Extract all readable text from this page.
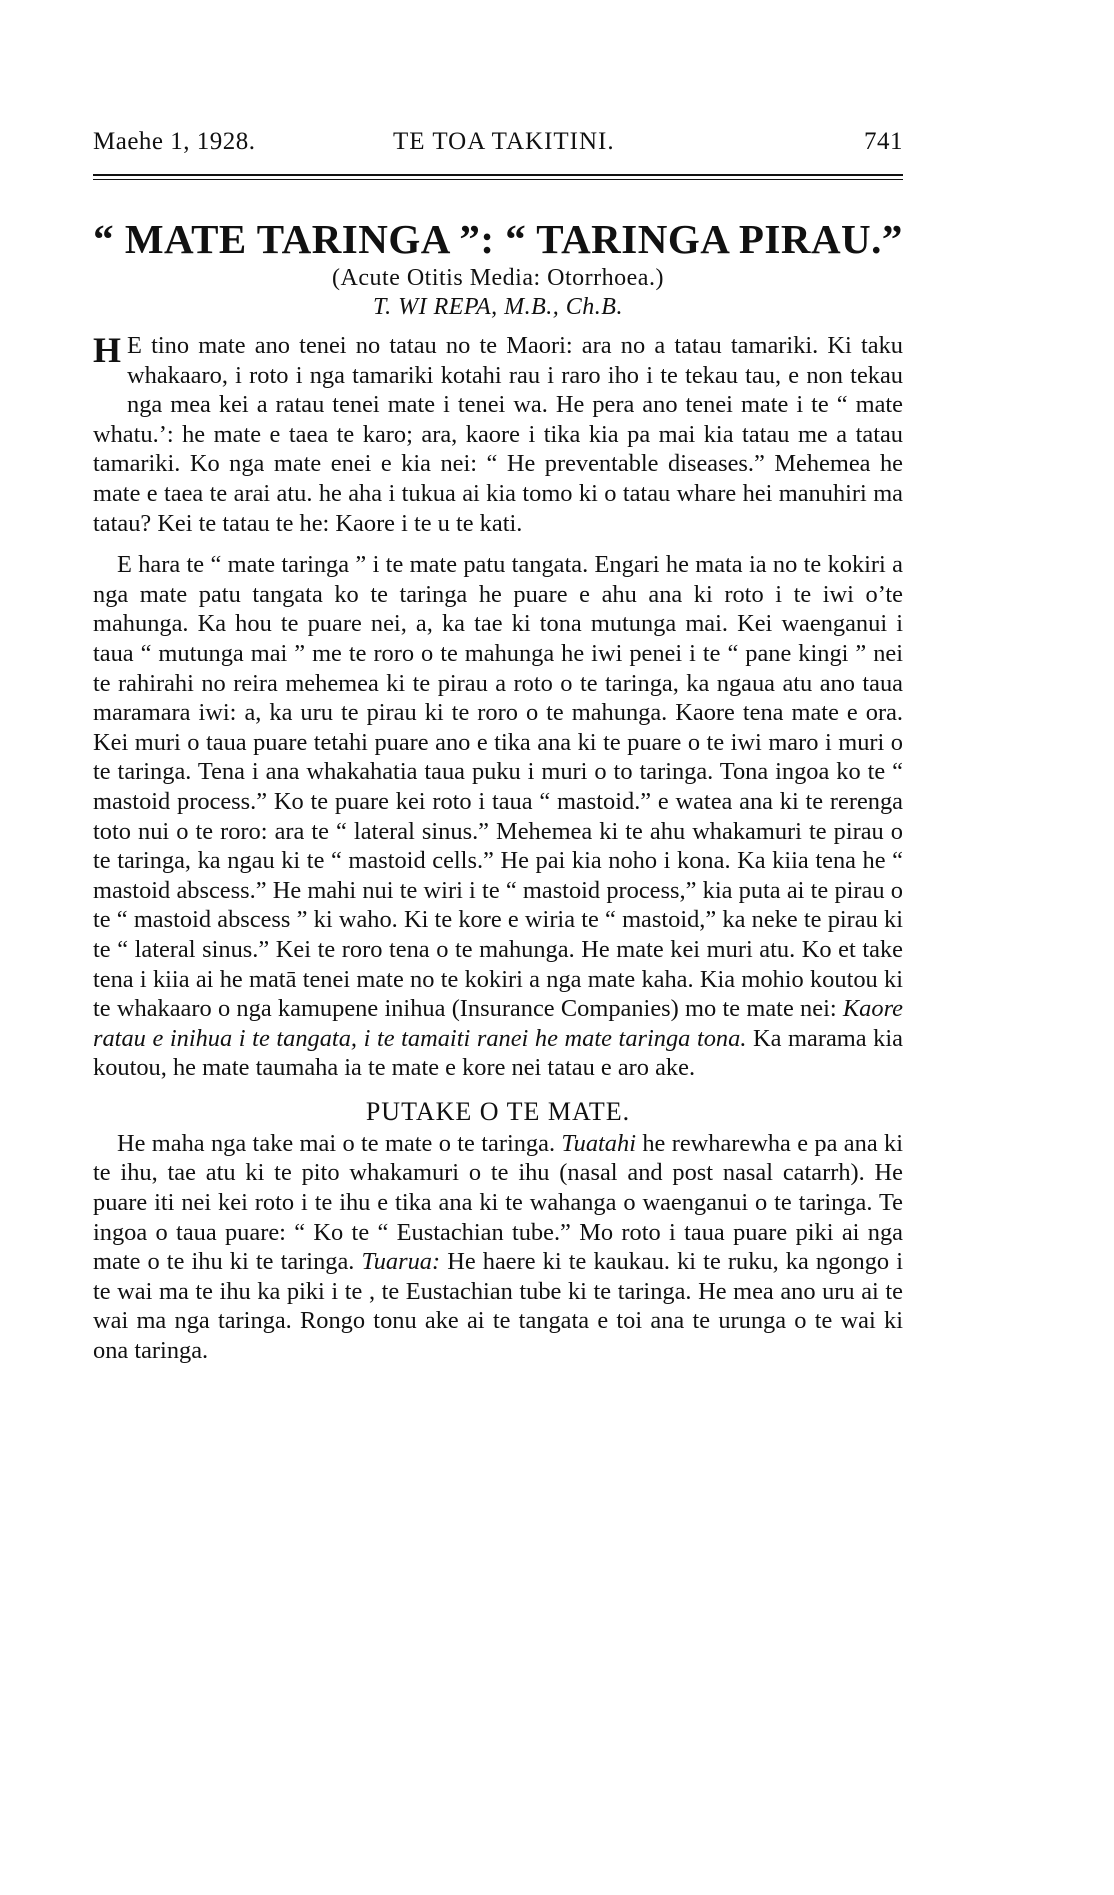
Maehe 1, 1928.	TE TOA TAKITINI.	741
“ MATE TARINGA ”: “ TARINGA PIRAU.”
(Acute Otitis Media: Otorrhoea.)
T. WI REPA, M.B., Ch.B.

H E tino mate ano tenei no tatau no te Maori: ara no a tatau tamariki. Ki taku whakaaro, i roto i nga tamariki kotahi rau i raro iho i te tekau tau, e non tekau nga mea kei a ratau tenei mate i tenei wa. He pera ano tenei mate i te “ mate whatu.’: he mate e taea te karo; ara, kaore i tika kia pa mai kia tatau me a tatau tamariki. Ko nga mate enei e kia nei: “ He preventable diseases.” Mehemea he mate e taea te arai atu. he aha i tukua ai kia tomo ki o tatau whare hei manuhiri ma tatau? Kei te tatau te he: Kaore i te u te kati.

E hara te “ mate taringa ” i te mate patu tangata. Engari he mata ia no te kokiri a nga mate patu tangata ko te taringa he puare e ahu ana ki roto i te iwi o’te mahunga. Ka hou te puare nei, a, ka tae ki tona mutunga mai. Kei waenganui i taua “ mutunga mai ” me te roro o te mahunga he iwi penei i te “ pane kingi ” nei te rahirahi no reira mehemea ki te pirau a roto o te taringa, ka ngaua atu ano taua maramara iwi: a, ka uru te pirau ki te roro o te mahunga. Kaore tena mate e ora. Kei muri o taua puare tetahi puare ano e tika ana ki te puare o te iwi maro i muri o te taringa. Tena i ana whakahatia taua puku i muri o to taringa. Tona ingoa ko te “ mastoid process.” Ko te puare kei roto i taua “ mastoid.” e watea ana ki te rerenga toto nui o te roro: ara te “ lateral sinus.” Mehemea ki te ahu whakamuri te pirau o te taringa, ka ngau ki te “ mastoid cells.” He pai kia noho i kona. Ka kiia tena he “ mastoid abscess.” He mahi nui te wiri i te “ mastoid process,” kia puta ai te pirau o te “ mastoid abscess ” ki waho. Ki te kore e wiria te “ mastoid,” ka neke te pirau ki te “ lateral sinus.” Kei te roro tena o te mahunga. He mate kei muri atu. Ko et take tena i kiia ai he matā tenei mate no te kokiri a nga mate kaha. Kia mohio koutou ki te whakaaro o nga kamupene inihua (Insurance Companies) mo te mate nei: Kaore ratau e inihua i te tangata, i te tamaiti ranei he mate taringa tona. Ka marama kia koutou, he mate taumaha ia te mate e kore nei tatau e aro ake.

PUTAKE O TE MATE.

He maha nga take mai o te mate o te taringa. Tuatahi he rewharewha e pa ana ki te ihu, tae atu ki te pito whakamuri o te ihu (nasal and post nasal catarrh). He puare iti nei kei roto i te ihu e tika ana ki te wahanga o waenganui o te taringa. Te ingoa o taua puare: “ Ko te “ Eustachian tube.” Mo roto i taua puare piki ai nga mate o te ihu ki te taringa. Tuarua: He haere ki te kaukau. ki te ruku, ka ngongo i te wai ma te ihu ka piki i te , te Eustachian tube ki te taringa. He mea ano uru ai te wai ma nga taringa. Rongo tonu ake ai te tangata e toi ana te urunga o te wai ki ona taringa.
